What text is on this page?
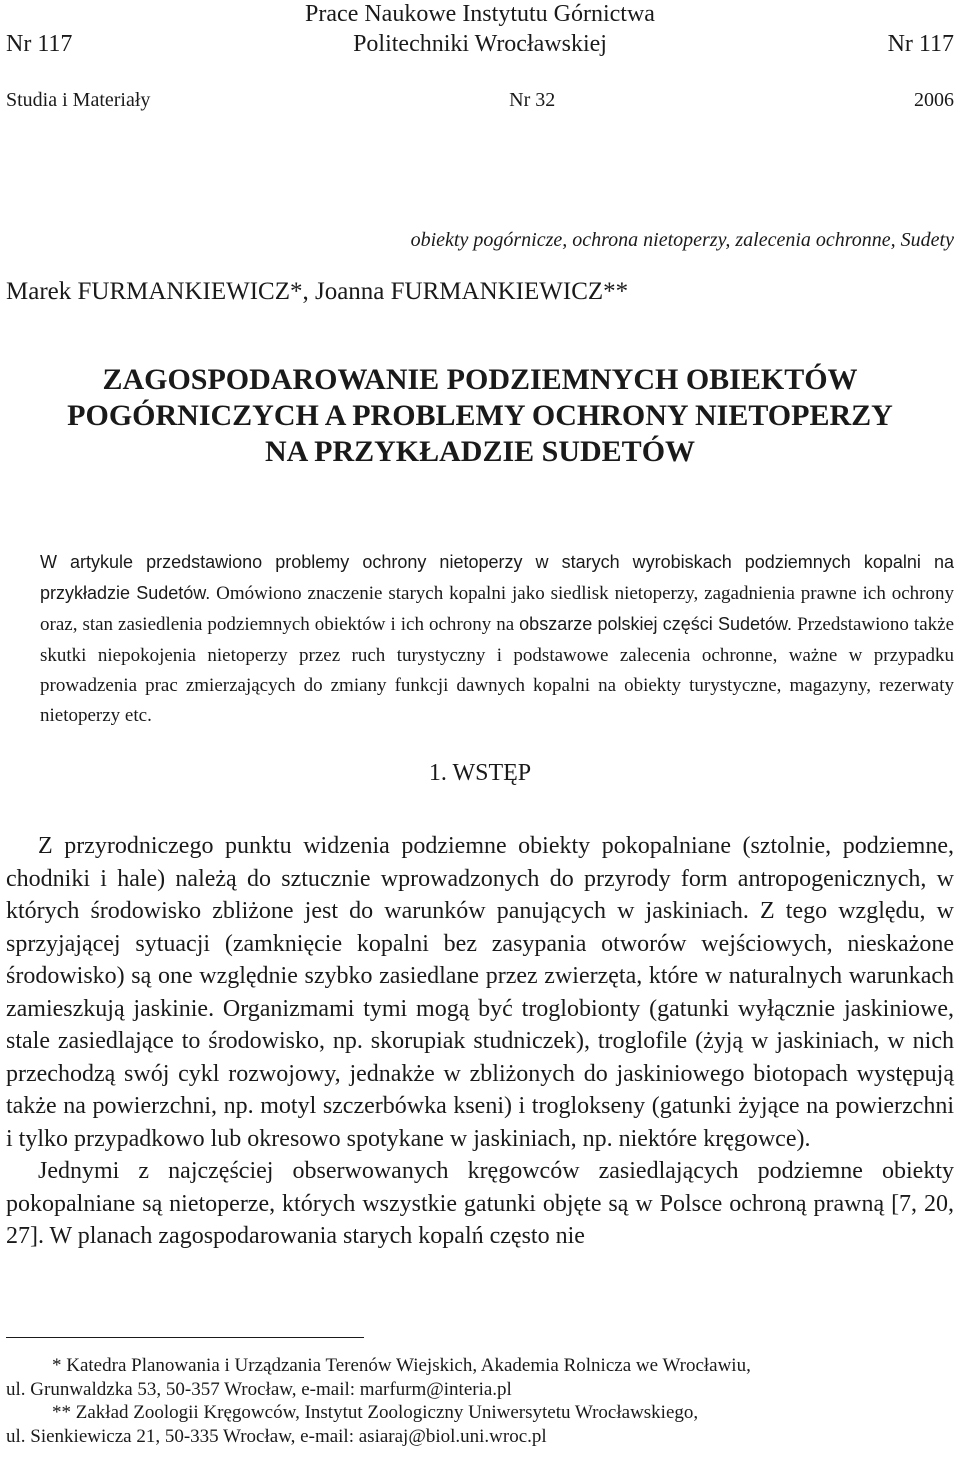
Prace Naukowe Instytutu Górnictwa
Nr 117	Politechniki Wrocławskiej	Nr 117
Studia i Materiały	Nr 32	2006
obiekty pogórnicze, ochrona nietoperzy, zalecenia ochronne, Sudety
Marek FURMANKIEWICZ*, Joanna FURMANKIEWICZ**
ZAGOSPODAROWANIE PODZIEMNYCH OBIEKTÓW
POGÓRNICZYCH A PROBLEMY OCHRONY NIETOPERZY
NA PRZYKŁADZIE SUDETÓW
W artykule przedstawiono problemy ochrony nietoperzy w starych wyrobiskach podziemnych kopalni na przykładzie Sudetów. Omówiono znaczenie starych kopalni jako siedlisk nietoperzy, zagadnienia prawne ich ochrony oraz, stan zasiedlenia podziemnych obiektów i ich ochrony na obszarze polskiej części Sudetów. Przedstawiono także skutki niepokojenia nietoperzy przez ruch turystyczny i podstawowe zalecenia ochronne, ważne w przypadku prowadzenia prac zmierzających do zmiany funkcji dawnych kopalni na obiekty turystyczne, magazyny, rezerwaty nietoperzy etc.
1. WSTĘP

Z przyrodniczego punktu widzenia podziemne obiekty pokopalniane (sztolnie, podziemne, chodniki i hale) należą do sztucznie wprowadzonych do przyrody form antropogenicznych, w których środowisko zbliżone jest do warunków panujących w jaskiniach. Z tego względu, w sprzyjającej sytuacji (zamknięcie kopalni bez zasypania otworów wejściowych, nieskażone środowisko) są one względnie szybko zasiedlane przez zwierzęta, które w naturalnych warunkach zamieszkują jaskinie. Organizmami tymi mogą być troglobionty (gatunki wyłącznie jaskiniowe, stale zasiedlające to środowisko, np. skorupiak studniczek), troglofile (żyją w jaskiniach, w nich przechodzą swój cykl rozwojowy, jednakże w zbliżonych do jaskiniowego biotopach występują także na powierzchni, np. motyl szczerbówka kseni) i troglokseny (gatunki żyjące na powierzchni i tylko przypadkowo lub okresowo spotykane w jaskiniach, np. niektóre kręgowce).

Jednymi z najczęściej obserwowanych kręgowców zasiedlających podziemne obiekty pokopalniane są nietoperze, których wszystkie gatunki objęte są w Polsce ochroną prawną [7, 20, 27]. W planach zagospodarowania starych kopalń często nie

* Katedra Planowania i Urządzania Terenów Wiejskich, Akademia Rolnicza we Wrocławiu,
ul. Grunwaldzka 53, 50-357 Wrocław, e-mail: marfurm@interia.pl
** Zakład Zoologii Kręgowców, Instytut Zoologiczny Uniwersytetu Wrocławskiego,
ul. Sienkiewicza 21, 50-335 Wrocław, e-mail: asiaraj@biol.uni.wroc.pl
